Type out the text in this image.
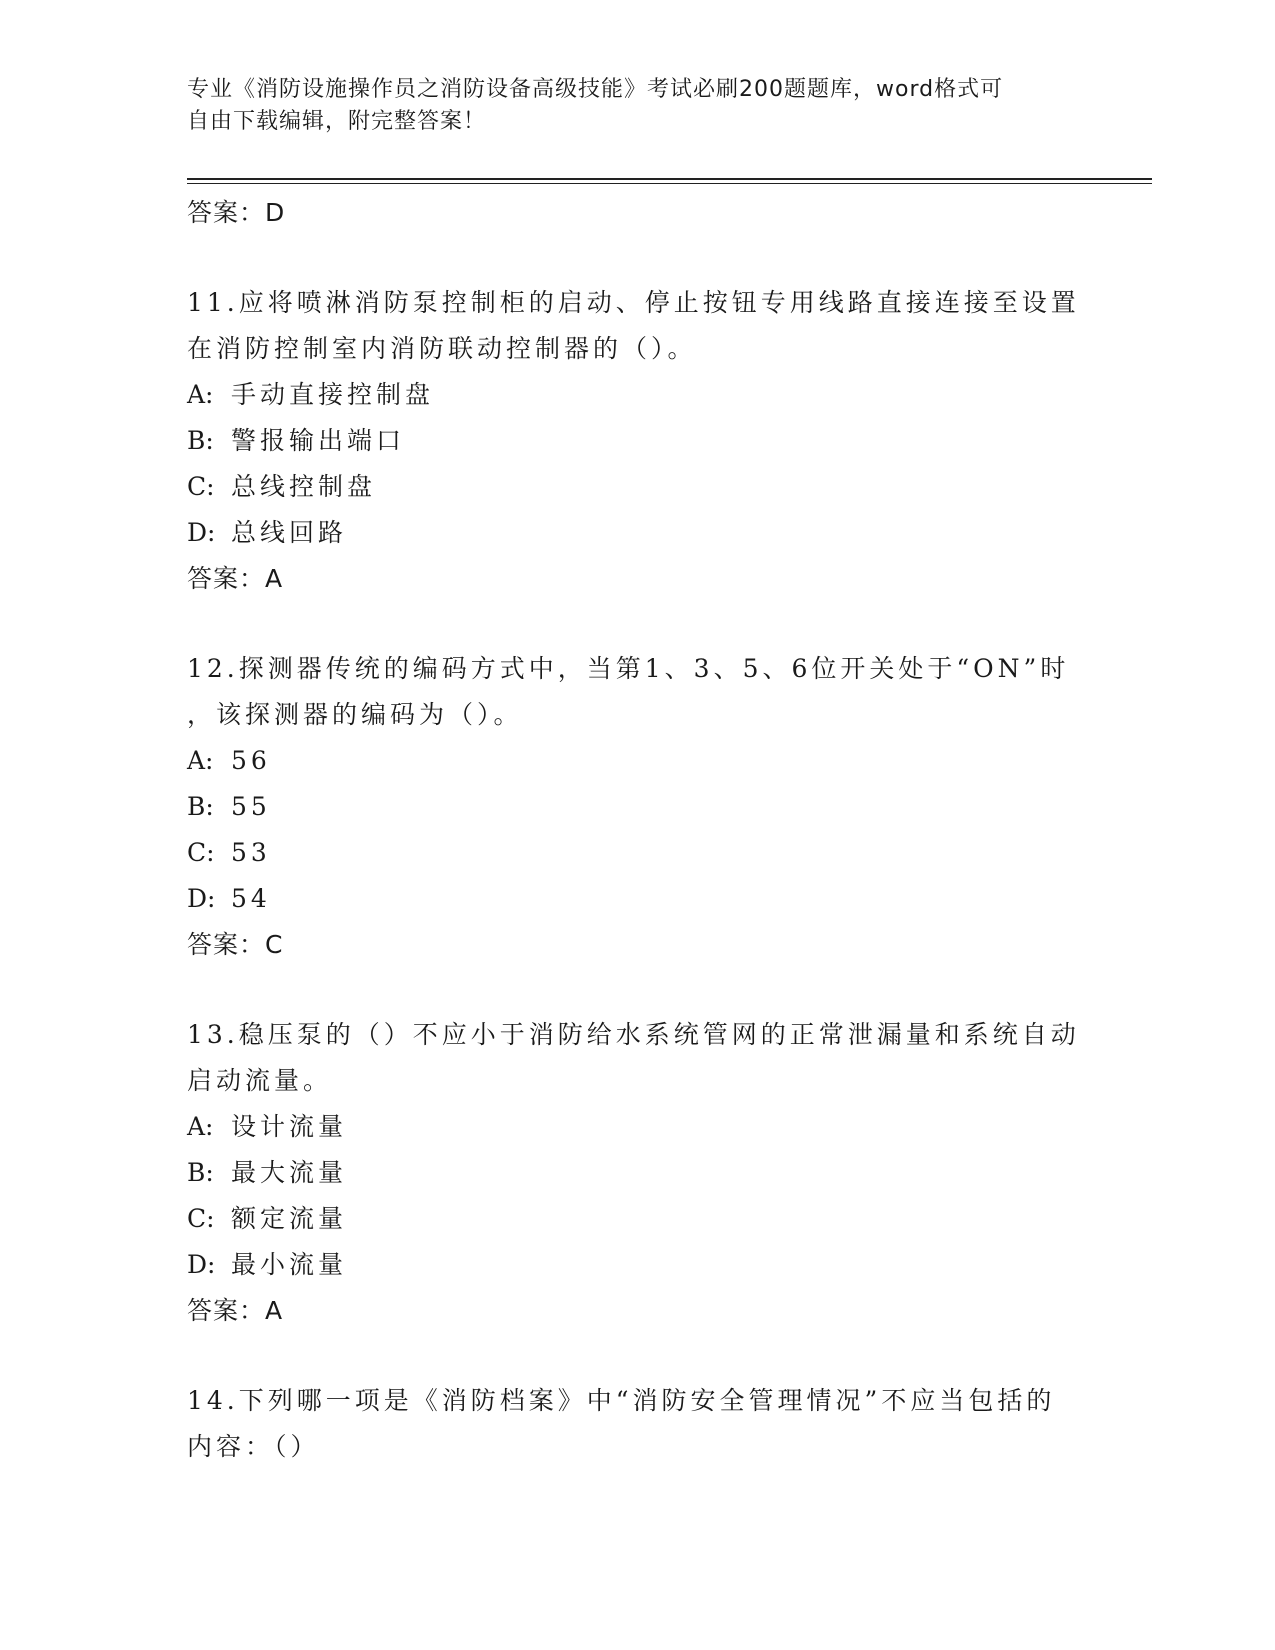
专业《消防设施操作员之消防设备高级技能》考试必刷200题题库，word格式可
自由下载编辑，附完整答案！
答案：D
11.应将喷淋消防泵控制柜的启动、停止按钮专用线路直接连接至设置
在消防控制室内消防联动控制器的（）。
A: 手动直接控制盘
B: 警报输出端口
C: 总线控制盘
D: 总线回路
答案：A
12.探测器传统的编码方式中，当第1、3、5、6位开关处于“ON”时
，该探测器的编码为（）。
A: 56
B: 55
C: 53
D: 54
答案：C
13.稳压泵的（）不应小于消防给水系统管网的正常泄漏量和系统自动
启动流量。
A: 设计流量
B: 最大流量
C: 额定流量
D: 最小流量
答案：A
14.下列哪一项是《消防档案》中“消防安全管理情况”不应当包括的
内容：（）
